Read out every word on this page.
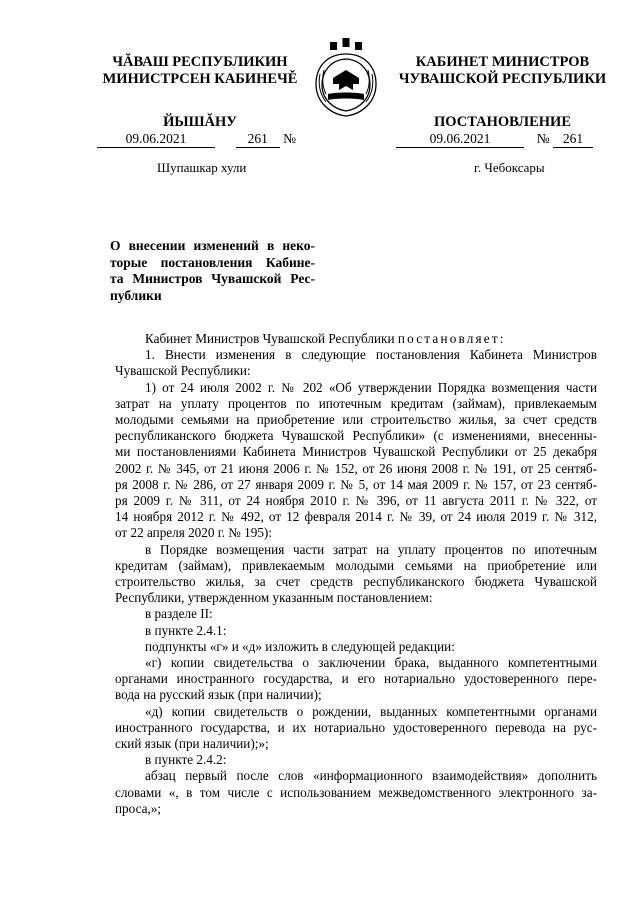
ЧĂВАШ РЕСПУБЛИКИН
МИНИСТРСЕН КАБИНЕЧĚ
ЙЫШĂНУ
КАБИНЕТ МИНИСТРОВ
ЧУВАШСКОЙ РЕСПУБЛИКИ
ПОСТАНОВЛЕНИЕ
09.06.2021	261 №	09.06.2021	№ 261
Шупашкар хули	г. Чебоксары
О внесении изменений в неко-
торые постановления Кабине-
та Министров Чувашской Рес-
публики
Кабинет Министров Чувашской Республики постановляет:
1. Внести изменения в следующие постановления Кабинета Министров
Чувашской Республики:
1) от 24 июля 2002 г. № 202 «Об утверждении Порядка возмещения части
затрат на уплату процентов по ипотечным кредитам (займам), привлекаемым
молодыми семьями на приобретение или строительство жилья, за счет средств
республиканского бюджета Чувашской Республики» (с изменениями, внесенны-
ми постановлениями Кабинета Министров Чувашской Республики от 25 декабря
2002 г. № 345, от 21 июня 2006 г. № 152, от 26 июня 2008 г. № 191, от 25 сентяб-
ря 2008 г. № 286, от 27 января 2009 г. № 5, от 14 мая 2009 г. № 157, от 23 сентяб-
ря 2009 г. № 311, от 24 ноября 2010 г. № 396, от 11 августа 2011 г. № 322, от
14 ноября 2012 г. № 492, от 12 февраля 2014 г. № 39, от 24 июля 2019 г. № 312,
от 22 апреля 2020 г. № 195):
в Порядке возмещения части затрат на уплату процентов по ипотечным
кредитам (займам), привлекаемым молодыми семьями на приобретение или
строительство жилья, за счет средств республиканского бюджета Чувашской
Республики, утвержденном указанным постановлением:
в разделе II:
в пункте 2.4.1:
подпункты «г» и «д» изложить в следующей редакции:
«г) копии свидетельства о заключении брака, выданного компетентными
органами иностранного государства, и его нотариально удостоверенного пере-
вода на русский язык (при наличии);
«д) копии свидетельств о рождении, выданных компетентными органами
иностранного государства, и их нотариально удостоверенного перевода на рус-
ский язык (при наличии);»;
в пункте 2.4.2:
абзац первый после слов «информационного взаимодействия» дополнить
словами «, в том числе с использованием межведомственного электронного за-
проса,»;
